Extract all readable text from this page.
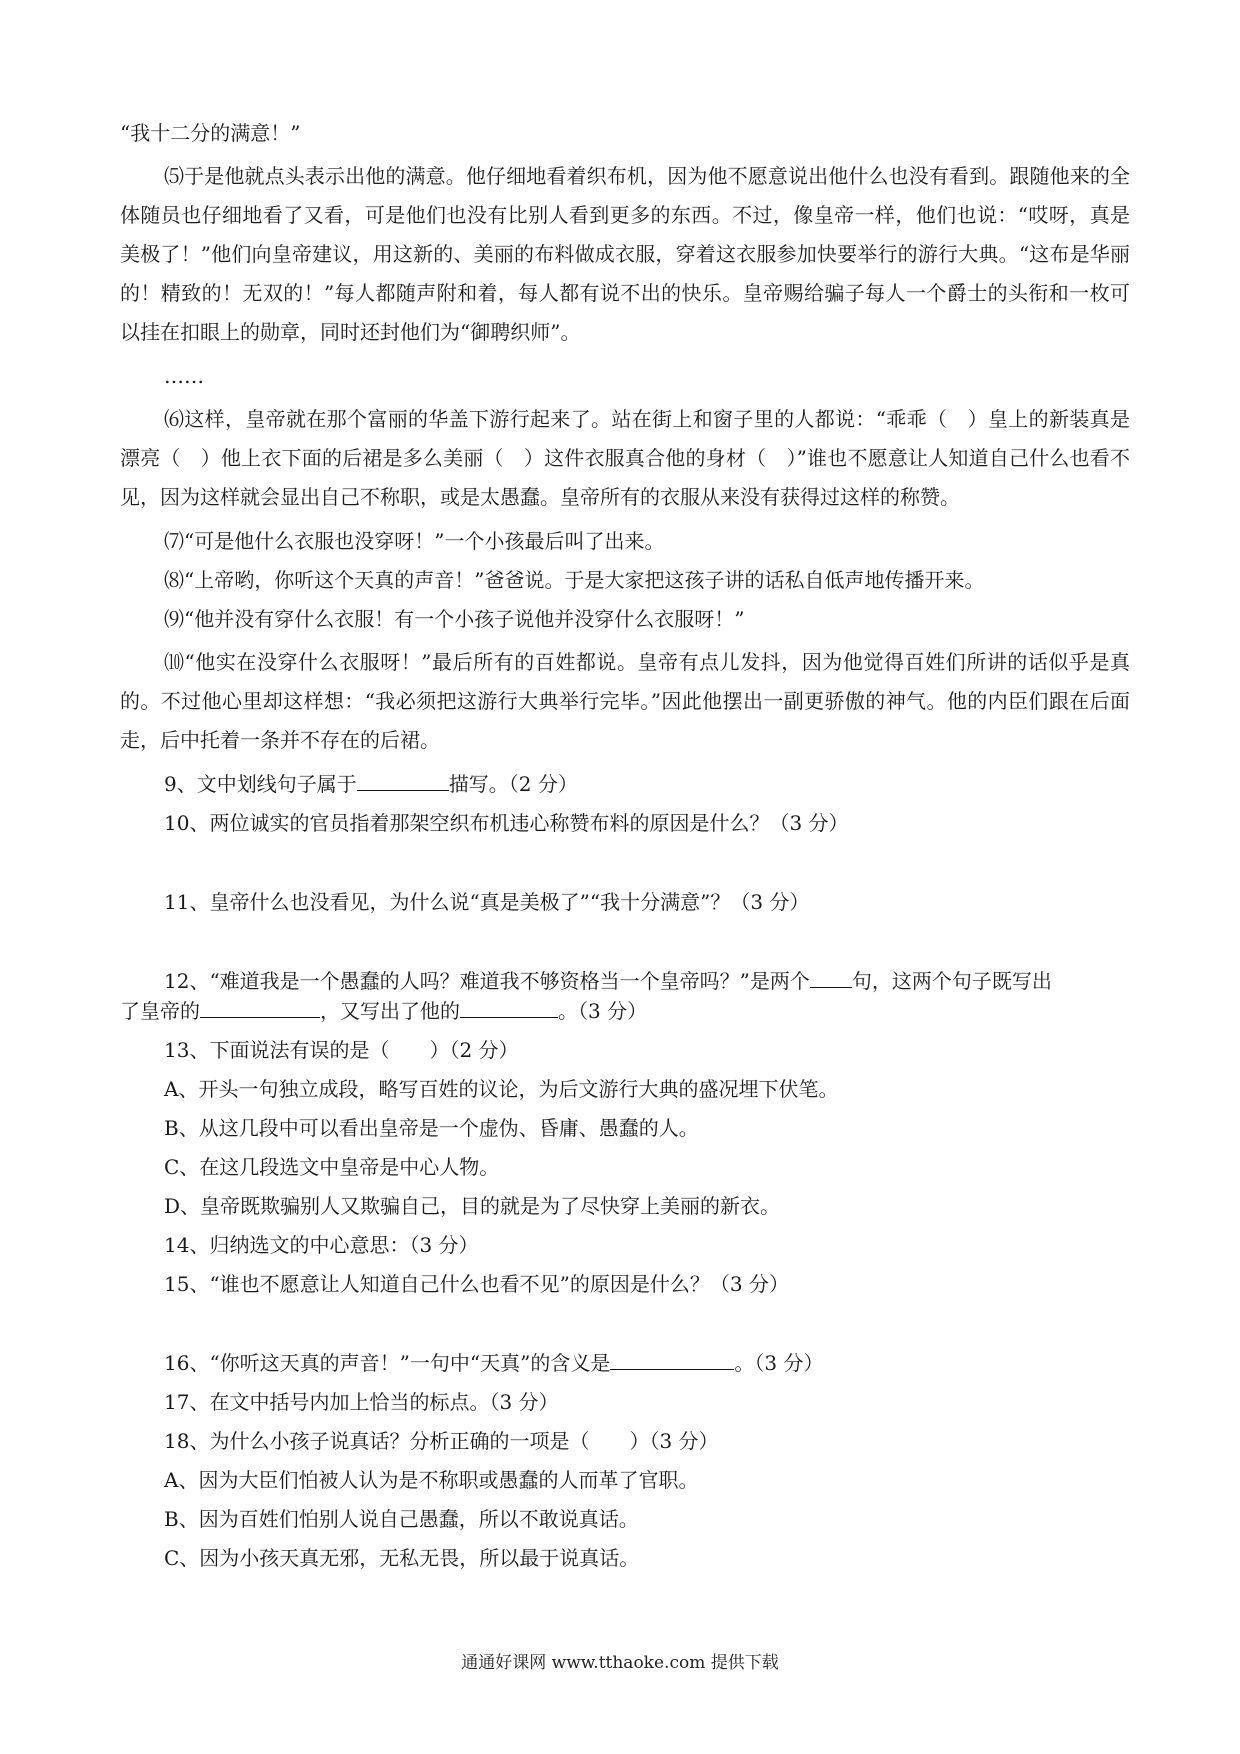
“我十二分的满意！”

⑸于是他就点头表示出他的满意。他仔细地看着织布机，因为他不愿意说出他什么也没有看到。跟随他来的全体随员也仔细地看了又看，可是他们也没有比别人看到更多的东西。不过，像皇帝一样，他们也说：“哎呀，真是美极了！”他们向皇帝建议，用这新的、美丽的布料做成衣服，穿着这衣服参加快要举行的游行大典。“这布是华丽的！精致的！无双的！”每人都随声附和着，每人都有说不出的快乐。皇帝赐给骗子每人一个爵士的头衔和一枚可以挂在扣眼上的勋章，同时还封他们为“御聘织师”。

……

⑹这样，皇帝就在那个富丽的华盖下游行起来了。站在街上和窗子里的人都说：“乖乖（　）皇上的新装真是漂亮（　）他上衣下面的后裙是多么美丽（　）这件衣服真合他的身材（　）”谁也不愿意让人知道自己什么也看不见，因为这样就会显出自己不称职，或是太愚蠢。皇帝所有的衣服从来没有获得过这样的称赞。

⑺“可是他什么衣服也没穿呀！”一个小孩最后叫了出来。
⑻“上帝哟，你听这个天真的声音！”爸爸说。于是大家把这孩子讲的话私自低声地传播开来。
⑼“他并没有穿什么衣服！有一个小孩子说他并没穿什么衣服呀！”

⑽“他实在没穿什么衣服呀！”最后所有的百姓都说。皇帝有点儿发抖，因为他觉得百姓们所讲的话似乎是真的。不过他心里却这样想：“我必须把这游行大典举行完毕。”因此他摆出一副更骄傲的神气。他的内臣们跟在后面走，后中托着一条并不存在的后裙。

9、文中划线句子属于	描写。（2 分）
10、两位诚实的官员指着那架空织布机违心称赞布料的原因是什么？（3 分）
11、皇帝什么也没看见，为什么说“真是美极了”“我十分满意”？（3 分）
12、“难道我是一个愚蠢的人吗？难道我不够资格当一个皇帝吗？”是两个 句，这两个句子既写出
了皇帝的	，又写出了他的	。（3 分）
13、下面说法有误的是（　　）（2 分）
A、开头一句独立成段，略写百姓的议论，为后文游行大典的盛况埋下伏笔。
B、从这几段中可以看出皇帝是一个虚伪、昏庸、愚蠢的人。
C、在这几段选文中皇帝是中心人物。
D、皇帝既欺骗别人又欺骗自己，目的就是为了尽快穿上美丽的新衣。
14、归纳选文的中心意思：（3 分）
15、“谁也不愿意让人知道自己什么也看不见”的原因是什么？（3 分）
16、“你听这天真的声音！”一句中“天真”的含义是	。（3 分）
17、在文中括号内加上恰当的标点。（3 分）
18、为什么小孩子说真话？分析正确的一项是（　　）（3 分）
A、因为大臣们怕被人认为是不称职或愚蠢的人而革了官职。
B、因为百姓们怕别人说自己愚蠢，所以不敢说真话。
C、因为小孩天真无邪，无私无畏，所以最于说真话。
通通好课网 www.tthaoke.com 提供下载
